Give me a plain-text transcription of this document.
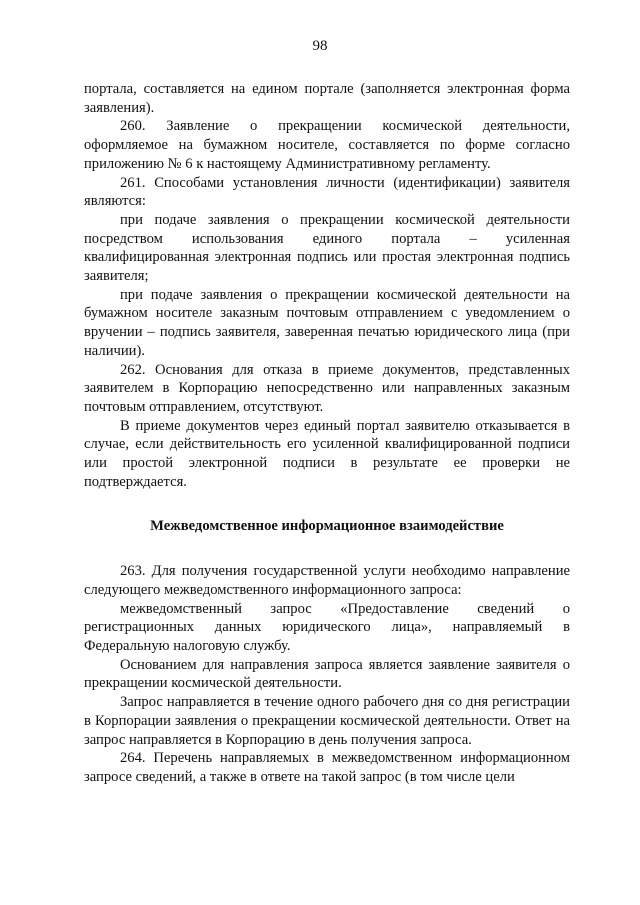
98

портала, составляется на едином портале (заполняется электронная форма заявления).

260. Заявление о прекращении космической деятельности, оформляемое на бумажном носителе, составляется по форме согласно приложению № 6 к настоящему Административному регламенту.

261. Способами установления личности (идентификации) заявителя являются:

при подаче заявления о прекращении космической деятельности посредством использования единого портала – усиленная квалифицированная электронная подпись или простая электронная подпись заявителя;

при подаче заявления о прекращении космической деятельности на бумажном носителе заказным почтовым отправлением с уведомлением о вручении – подпись заявителя, заверенная печатью юридического лица (при наличии).

262. Основания для отказа в приеме документов, представленных заявителем в Корпорацию непосредственно или направленных заказным почтовым отправлением, отсутствуют.

В приеме документов через единый портал заявителю отказывается в случае, если действительность его усиленной квалифицированной подписи или простой электронной подписи в результате ее проверки не подтверждается.

Межведомственное информационное взаимодействие

263. Для получения государственной услуги необходимо направление следующего межведомственного информационного запроса:

межведомственный запрос «Предоставление сведений о регистрационных данных юридического лица», направляемый в Федеральную налоговую службу.

Основанием для направления запроса является заявление заявителя о прекращении космической деятельности.

Запрос направляется в течение одного рабочего дня со дня регистрации в Корпорации заявления о прекращении космической деятельности. Ответ на запрос направляется в Корпорацию в день получения запроса.

264. Перечень направляемых в межведомственном информационном запросе сведений, а также в ответе на такой запрос (в том числе цели
